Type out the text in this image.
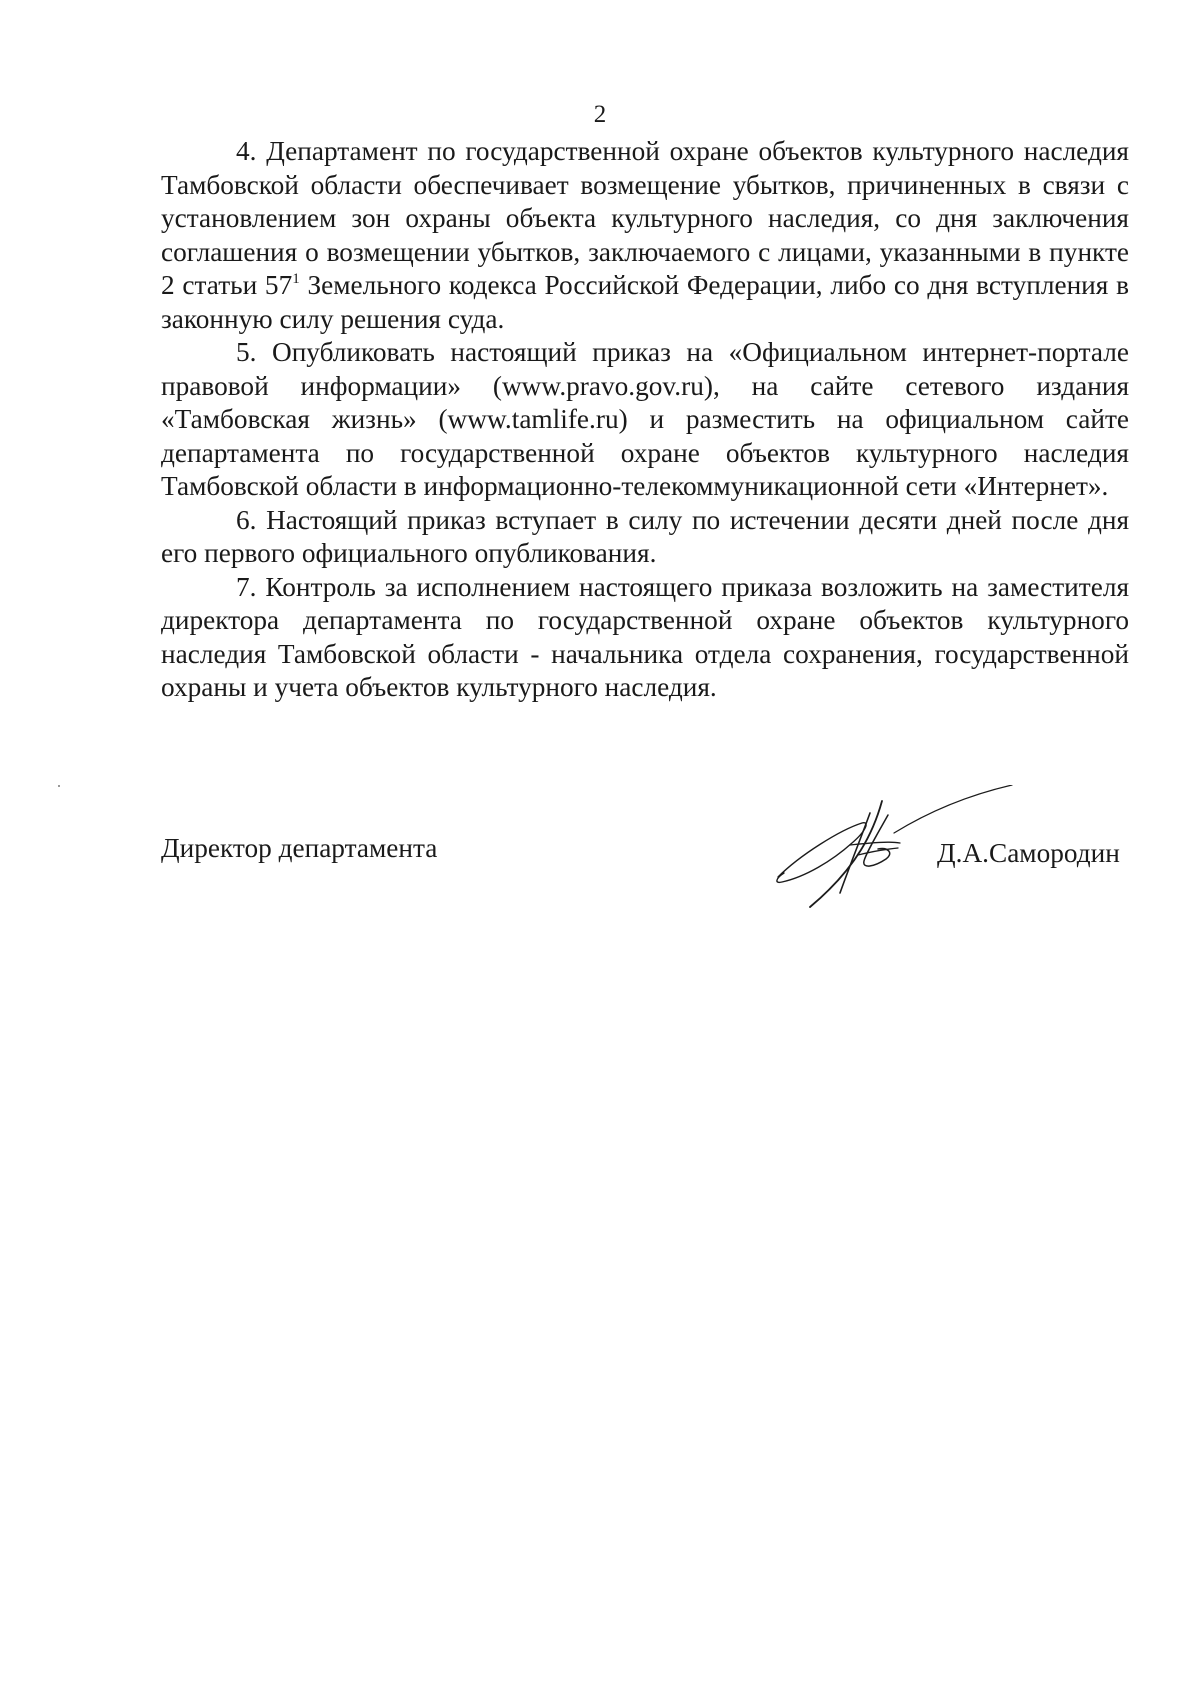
2

4. Департамент по государственной охране объектов культурного наследия Тамбовской области обеспечивает возмещение убытков, причиненных в связи с установлением зон охраны объекта культурного наследия, со дня заключения соглашения о возмещении убытков, заключаемого с лицами, указанными в пункте 2 статьи $57^1$ Земельного кодекса Российской Федерации, либо со дня вступления в законную силу решения суда.

5. Опубликовать настоящий приказ на «Официальном интернет-портале правовой информации» (www.pravo.gov.ru), на сайте сетевого издания «Тамбовская жизнь» (www.tamlife.ru) и разместить на официальном сайте департамента по государственной охране объектов культурного наследия Тамбовской области в информационно-телекоммуникационной сети «Интернет».

6. Настоящий приказ вступает в силу по истечении десяти дней после дня его первого официального опубликования.

7. Контроль за исполнением настоящего приказа возложить на заместителя директора департамента по государственной охране объектов культурного наследия Тамбовской области - начальника отдела сохранения, государственной охраны и учета объектов культурного наследия.

Директор департамента	Д.А.Самородин
